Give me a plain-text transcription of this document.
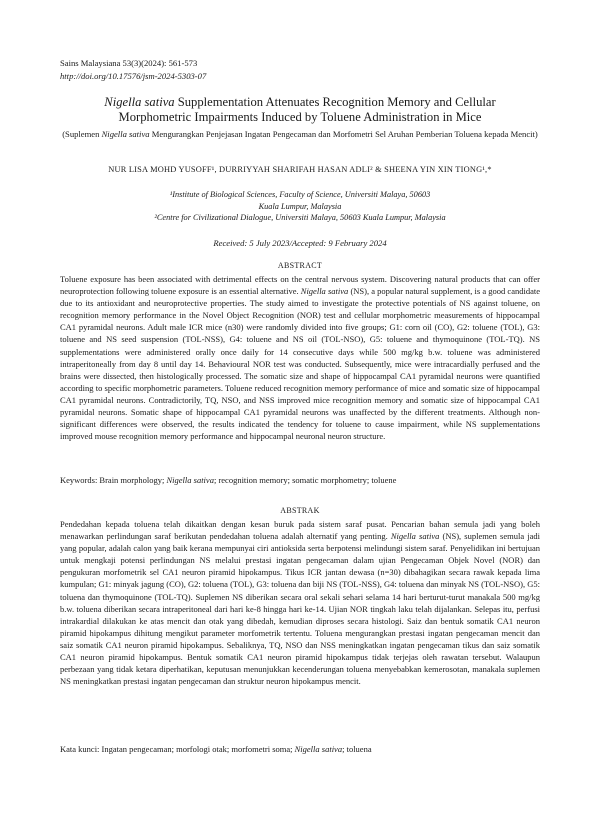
Sains Malaysiana 53(3)(2024): 561-573
http://doi.org/10.17576/jsm-2024-5303-07
Nigella sativa Supplementation Attenuates Recognition Memory and Cellular
Morphometric Impairments Induced by Toluene Administration in Mice
(Suplemen Nigella sativa Mengurangkan Penjejasan Ingatan Pengecaman dan Morfometri Sel Aruhan Pemberian Toluena kepada Mencit)
NUR LISA MOHD YUSOFF¹, DURRIYYAH SHARIFAH HASAN ADLI² & SHEENA YIN XIN TIONG¹,*
¹Institute of Biological Sciences, Faculty of Science, Universiti Malaya, 50603
Kuala Lumpur, Malaysia
²Centre for Civilizational Dialogue, Universiti Malaya, 50603 Kuala Lumpur, Malaysia
Received: 5 July 2023/Accepted: 9 February 2024
ABSTRACT
Toluene exposure has been associated with detrimental effects on the central nervous system. Discovering natural products that can offer neuroprotection following toluene exposure is an essential alternative. Nigella sativa (NS), a popular natural supplement, is a good candidate due to its antioxidant and neuroprotective properties. The study aimed to investigate the protective potentials of NS against toluene, on recognition memory performance in the Novel Object Recognition (NOR) test and cellular morphometric measurements of hippocampal CA1 pyramidal neurons. Adult male ICR mice (n30) were randomly divided into five groups; G1: corn oil (CO), G2: toluene (TOL), G3: toluene and NS seed suspension (TOL-NSS), G4: toluene and NS oil (TOL-NSO), G5: toluene and thymoquinone (TOL-TQ). NS supplementations were administered orally once daily for 14 consecutive days while 500 mg/kg b.w. toluene was administered intraperitoneally from day 8 until day 14. Behavioural NOR test was conducted. Subsequently, mice were intracardially perfused and the brains were dissected, then histologically processed. The somatic size and shape of hippocampal CA1 pyramidal neurons were quantified according to specific morphometric parameters. Toluene reduced recognition memory performance of mice and somatic size of hippocampal CA1 pyramidal neurons. Contradictorily, TQ, NSO, and NSS improved mice recognition memory and somatic size of hippocampal CA1 pyramidal neurons. Somatic shape of hippocampal CA1 pyramidal neurons was unaffected by the different treatments. Although non-significant differences were observed, the results indicated the tendency for toluene to cause impairment, while NS supplementations improved mouse recognition memory performance and hippocampal neuronal neuron structure.
Keywords: Brain morphology; Nigella sativa; recognition memory; somatic morphometry; toluene
ABSTRAK
Pendedahan kepada toluena telah dikaitkan dengan kesan buruk pada sistem saraf pusat. Pencarian bahan semula jadi yang boleh menawarkan perlindungan saraf berikutan pendedahan toluena adalah alternatif yang penting. Nigella sativa (NS), suplemen semula jadi yang popular, adalah calon yang baik kerana mempunyai ciri antioksida serta berpotensi melindungi sistem saraf. Penyelidikan ini bertujuan untuk mengkaji potensi perlindungan NS melalui prestasi ingatan pengecaman dalam ujian Pengecaman Objek Novel (NOR) dan pengukuran morfometrik sel CA1 neuron piramid hipokampus. Tikus ICR jantan dewasa (n=30) dibahagikan secara rawak kepada lima kumpulan; G1: minyak jagung (CO), G2: toluena (TOL), G3: toluena dan biji NS (TOL-NSS), G4: toluena dan minyak NS (TOL-NSO), G5: toluena dan thymoquinone (TOL-TQ). Suplemen NS diberikan secara oral sekali sehari selama 14 hari berturut-turut manakala 500 mg/kg b.w. toluena diberikan secara intraperitoneal dari hari ke-8 hingga hari ke-14. Ujian NOR tingkah laku telah dijalankan. Selepas itu, perfusi intrakardial dilakukan ke atas mencit dan otak yang dibedah, kemudian diproses secara histologi. Saiz dan bentuk somatik CA1 neuron piramid hipokampus dihitung mengikut parameter morfometrik tertentu. Toluena mengurangkan prestasi ingatan pengecaman mencit dan saiz somatik CA1 neuron piramid hipokampus. Sebaliknya, TQ, NSO dan NSS meningkatkan ingatan pengecaman tikus dan saiz somatik CA1 neuron piramid hipokampus. Bentuk somatik CA1 neuron piramid hipokampus tidak terjejas oleh rawatan tersebut. Walaupun perbezaan yang tidak ketara diperhatikan, keputusan menunjukkan kecenderungan toluena menyebabkan kemerosotan, manakala suplemen NS meningkatkan prestasi ingatan pengecaman dan struktur neuron hipokampus mencit.
Kata kunci: Ingatan pengecaman; morfologi otak; morfometri soma; Nigella sativa; toluena
